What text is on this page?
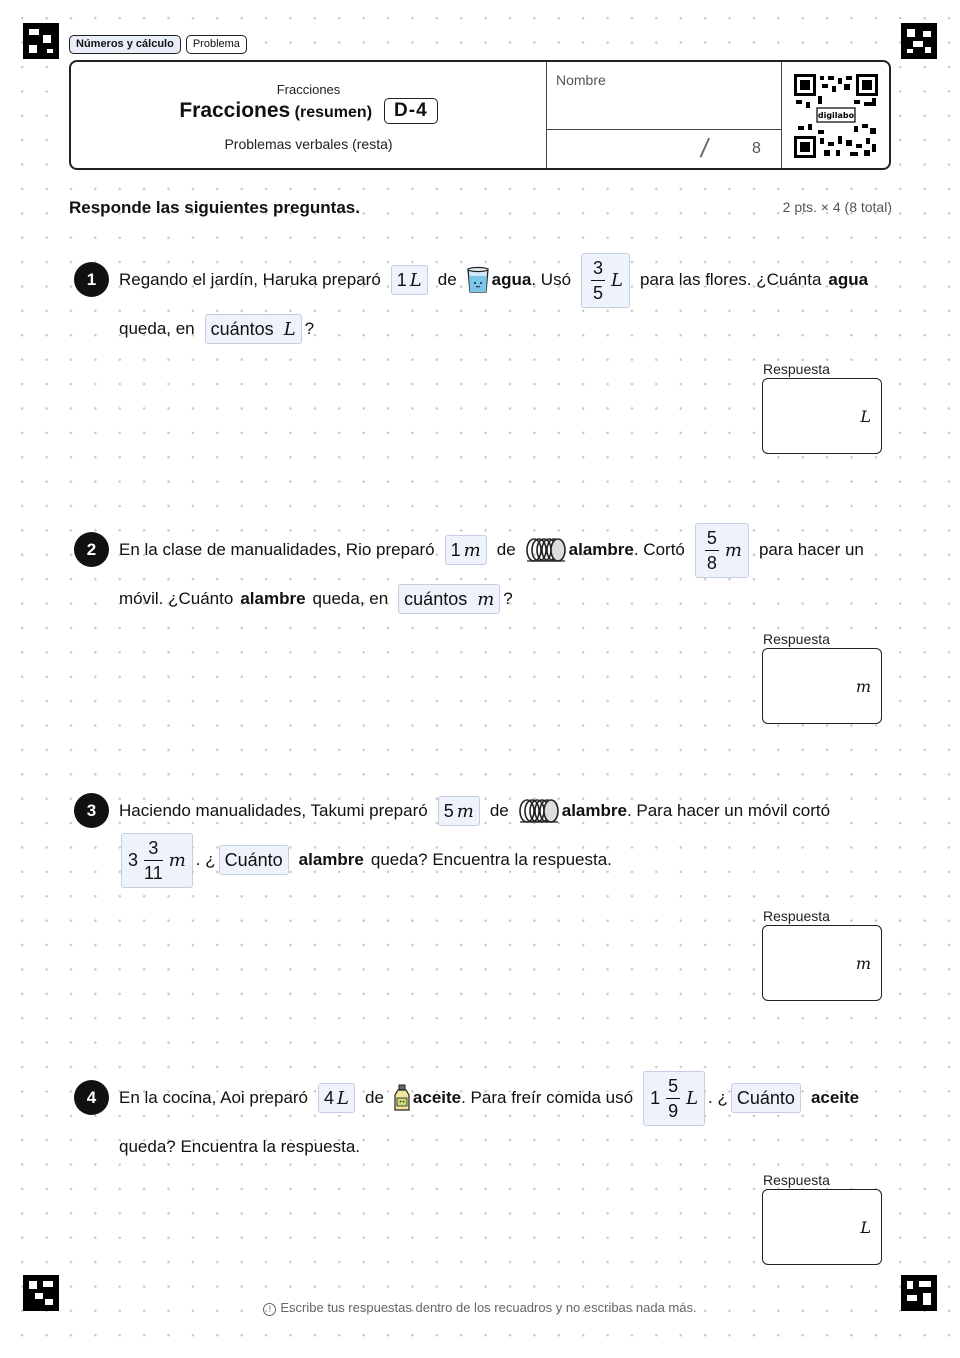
Números y cálculo	Problema
Fracciones
Fracciones (resumen)	D-4
Problemas verbales (resta)
Nombre
/	8
digilabo
Responde las siguientes preguntas.	2 pts. × 4 (8 total)
1	Regando el jardín, Haruka preparó 1 L de agua . Usó
3
5
L para las flores. ¿Cuánta agua
queda, en cuántos L ?
Respuesta
L
2	En la clase de manualidades, Rio preparó 1 m de	alambre . Cortó
5
8
m para hacer un
móvil. ¿Cuánto alambre queda, en cuántos m ?
Respuesta
m
3	Haciendo manualidades, Takumi preparó 5 m de	alambre . Para hacer un móvil cortó
3
3
11
m . ¿ Cuánto alambre queda? Encuentra la respuesta.
Respuesta
m
4	En la cocina, Aoi preparó 4 L de aceite . Para freír comida usó 1
5
9
L . ¿ Cuánto aceite
queda? Encuentra la respuesta.
Respuesta
L
! Escribe tus respuestas dentro de los recuadros y no escribas nada más.
